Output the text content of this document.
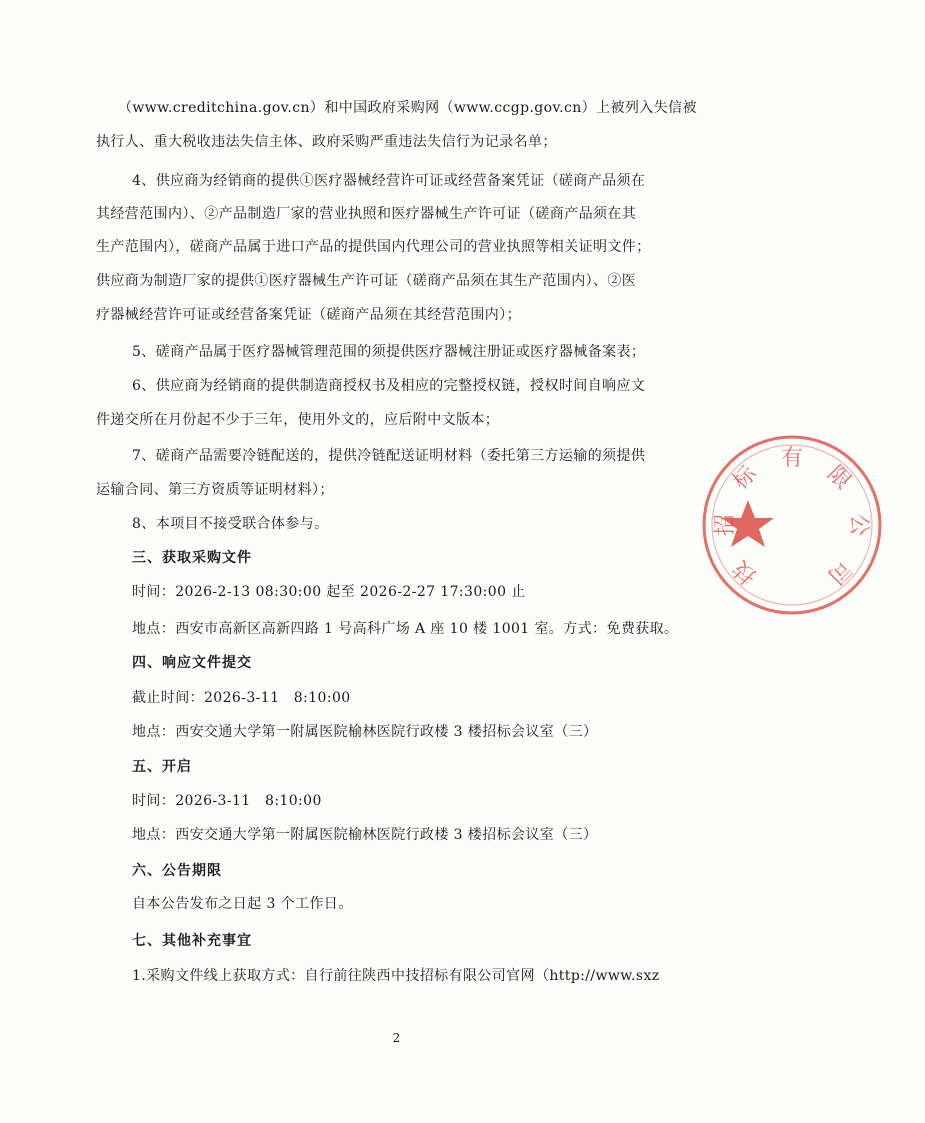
（www.creditchina.gov.cn）和中国政府采购网（www.ccgp.gov.cn）上被列入失信被
执行人、重大税收违法失信主体、政府采购严重违法失信行为记录名单；
4、供应商为经销商的提供①医疗器械经营许可证或经营备案凭证（磋商产品须在
其经营范围内）、②产品制造厂家的营业执照和医疗器械生产许可证（磋商产品须在其
生产范围内），磋商产品属于进口产品的提供国内代理公司的营业执照等相关证明文件；
供应商为制造厂家的提供①医疗器械生产许可证（磋商产品须在其生产范围内）、②医
疗器械经营许可证或经营备案凭证（磋商产品须在其经营范围内）；
5、磋商产品属于医疗器械管理范围的须提供医疗器械注册证或医疗器械备案表；
6、供应商为经销商的提供制造商授权书及相应的完整授权链，授权时间自响应文
件递交所在月份起不少于三年，使用外文的，应后附中文版本；
7、磋商产品需要冷链配送的，提供冷链配送证明材料（委托第三方运输的须提供
运输合同、第三方资质等证明材料）；
8、本项目不接受联合体参与。
三、获取采购文件
时间：2026-2-13 08:30:00 起至 2026-2-27 17:30:00 止
地点：西安市高新区高新四路 1 号高科广场 A 座 10 楼 1001 室。方式：免费获取。
四、响应文件提交
截止时间：2026-3-11　8:10:00
地点：西安交通大学第一附属医院榆林医院行政楼 3 楼招标会议室（三）
五、开启
时间：2026-3-11　8:10:00
地点：西安交通大学第一附属医院榆林医院行政楼 3 楼招标会议室（三）
六、公告期限
自本公告发布之日起 3 个工作日。
七、其他补充事宜
1.采购文件线上获取方式：自行前往陕西中技招标有限公司官网（http://www.sxz
2
技
招
标
有
限
公
司
